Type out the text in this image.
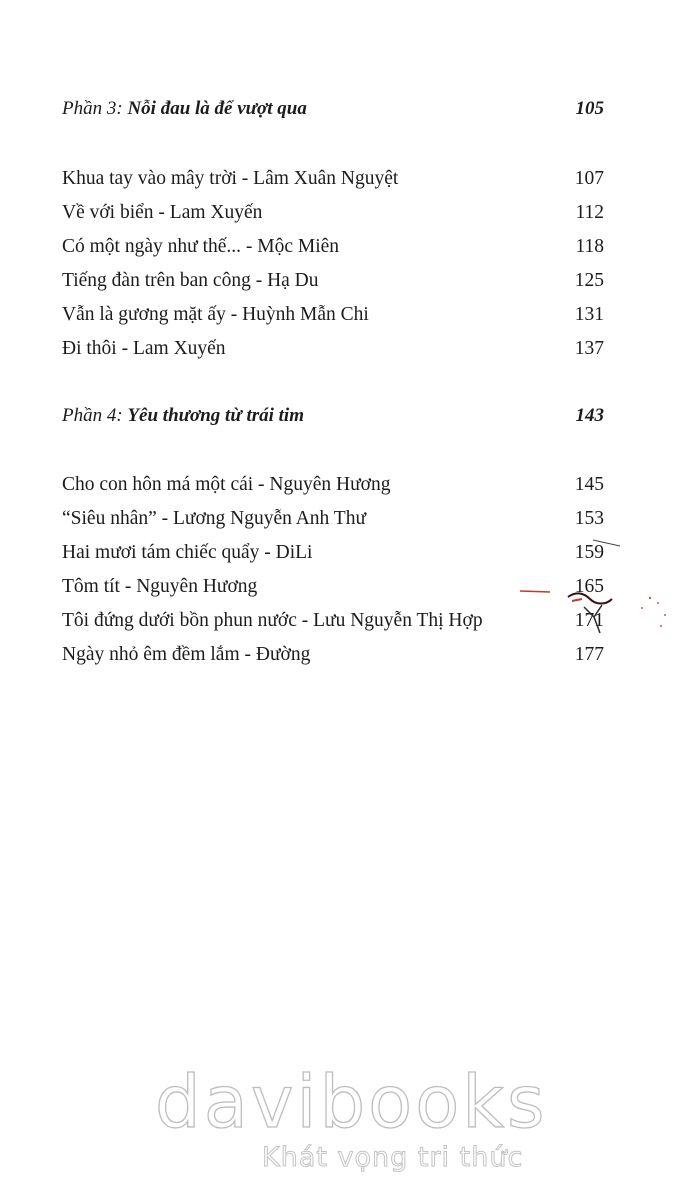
Phần 3: Nỗi đau là để vượt qua	105
Khua tay vào mây trời - Lâm Xuân Nguyệt	107
Về với biển - Lam Xuyến	112
Có một ngày như thế... - Mộc Miên	118
Tiếng đàn trên ban công - Hạ Du	125
Vẫn là gương mặt ấy - Huỳnh Mẫn Chi	131
Đi thôi - Lam Xuyến	137
Phần 4: Yêu thương từ trái tim	143
Cho con hôn má một cái - Nguyên Hương	145
“Siêu nhân” - Lương Nguyễn Anh Thư	153
Hai mươi tám chiếc quẩy - DiLi	159
Tôm tít - Nguyên Hương	165
Tôi đứng dưới bồn phun nước - Lưu Nguyễn Thị Hợp	171
Ngày nhỏ êm đềm lắm - Đường	177
davibooks
Khát vọng tri thức
